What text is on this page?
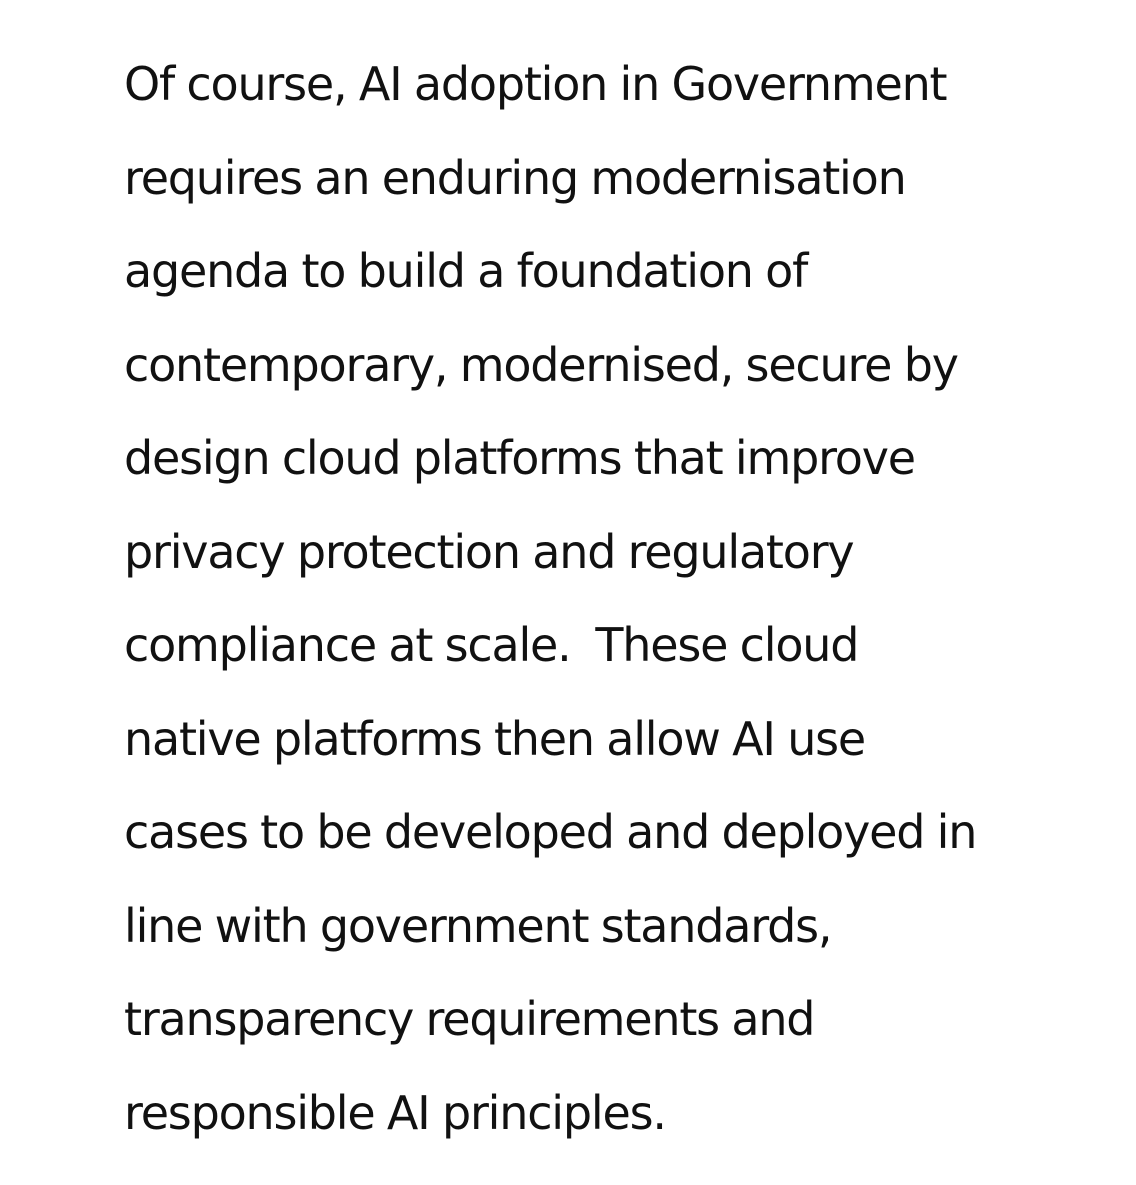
Of course, AI adoption in Government
requires an enduring modernisation
agenda to build a foundation of
contemporary, modernised, secure by
design cloud platforms that improve
privacy protection and regulatory
compliance at scale.  These cloud
native platforms then allow AI use
cases to be developed and deployed in
line with government standards,
transparency requirements and
responsible AI principles.
